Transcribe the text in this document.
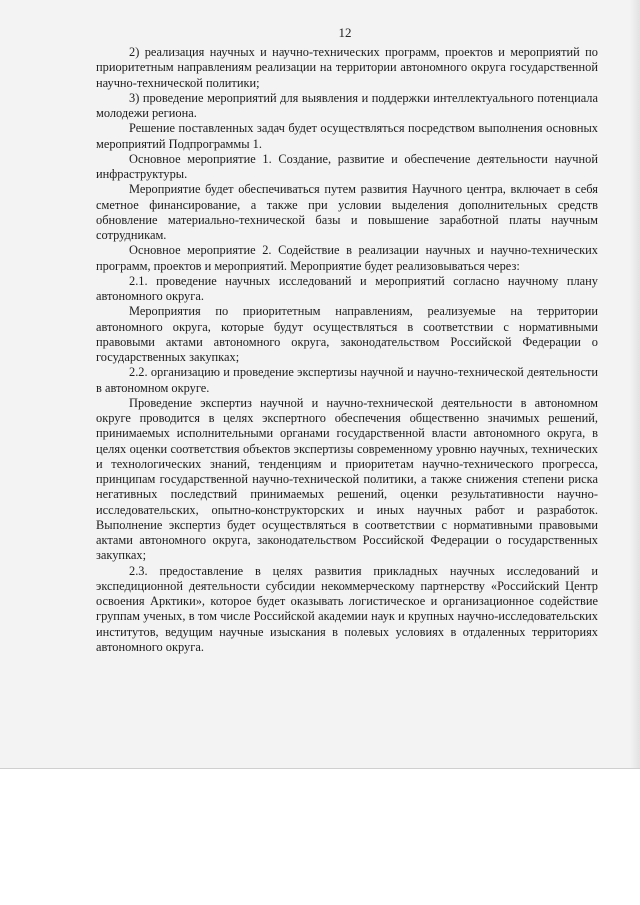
12

2) реализация научных и научно-технических программ, проектов и мероприятий по приоритетным направлениям реализации на территории автономного округа государственной научно-технической политики;

3) проведение мероприятий для выявления и поддержки интеллектуального потенциала молодежи региона.

Решение поставленных задач будет осуществляться посредством выполнения основных мероприятий Подпрограммы 1.

Основное мероприятие 1. Создание, развитие и обеспечение деятельности научной инфраструктуры.

Мероприятие будет обеспечиваться путем развития Научного центра, включает в себя сметное финансирование, а также при условии выделения дополнительных средств обновление материально-технической базы и повышение заработной платы научным сотрудникам.

Основное мероприятие 2. Содействие в реализации научных и научно-технических программ, проектов и мероприятий. Мероприятие будет реализовываться через:

2.1. проведение научных исследований и мероприятий согласно научному плану автономного округа.

Мероприятия по приоритетным направлениям, реализуемые на территории автономного округа, которые будут осуществляться в соответствии с нормативными правовыми актами автономного округа, законодательством Российской Федерации о государственных закупках;

2.2. организацию и проведение экспертизы научной и научно-технической деятельности в автономном округе.

Проведение экспертиз научной и научно-технической деятельности в автономном округе проводится в целях экспертного обеспечения общественно значимых решений, принимаемых исполнительными органами государственной власти автономного округа, в целях оценки соответствия объектов экспертизы современному уровню научных, технических и технологических знаний, тенденциям и приоритетам научно-технического прогресса, принципам государственной научно-технической политики, а также снижения степени риска негативных последствий принимаемых решений, оценки результативности научно-исследовательских, опытно-конструкторских и иных научных работ и разработок. Выполнение экспертиз будет осуществляться в соответствии с нормативными правовыми актами автономного округа, законодательством Российской Федерации о государственных закупках;

2.3. предоставление в целях развития прикладных научных исследований и экспедиционной деятельности субсидии некоммерческому партнерству «Российский Центр освоения Арктики», которое будет оказывать логистическое и организационное содействие группам ученых, в том числе Российской академии наук и крупных научно-исследовательских институтов, ведущим научные изыскания в полевых условиях в отдаленных территориях автономного округа.
